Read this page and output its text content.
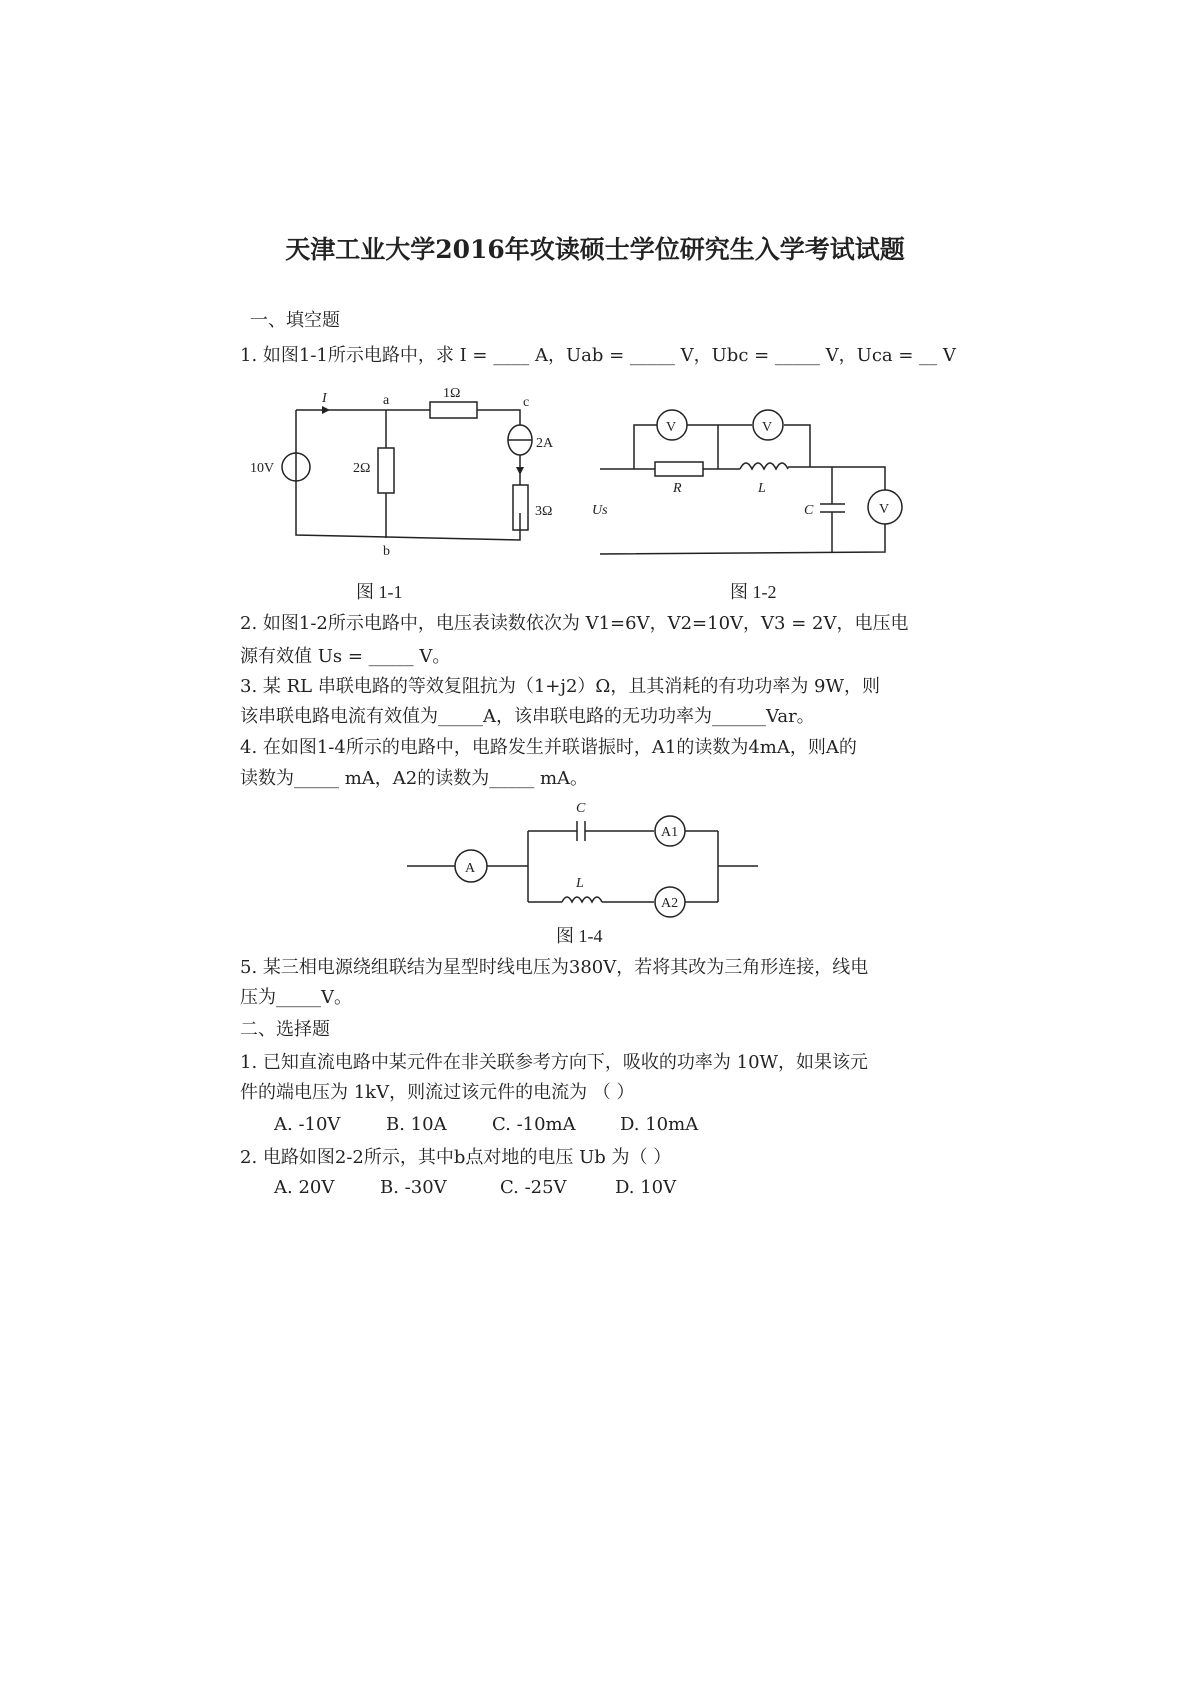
天津工业大学2016年攻读硕士学位研究生入学考试试题
一、填空题
1. 如图1-1所示电路中，求 I = ____ A，Uab = _____ V，Ubc = _____ V，Uca = __ V
I	a
b
c
1Ω
2Ω
3Ω
10V
2A
图 1-1
V	V
V
R	L
C
Us
图 1-2
A
A1
A2
C
L
图 1-4
2. 如图1-2所示电路中，电压表读数依次为 V1=6V，V2=10V，V3 = 2V，电压电
源有效值 Us = _____ V。
3. 某 RL 串联电路的等效复阻抗为（1+j2）Ω，且其消耗的有功功率为 9W，则
该串联电路电流有效值为_____A，该串联电路的无功功率为______Var。
4. 在如图1-4所示的电路中，电路发生并联谐振时，A1的读数为4mA，则A的
读数为_____ mA，A2的读数为_____ mA。
5. 某三相电源绕组联结为星型时线电压为380V，若将其改为三角形连接，线电
压为_____V。
二、选择题
1. 已知直流电路中某元件在非关联参考方向下，吸收的功率为 10W，如果该元
件的端电压为 1kV，则流过该元件的电流为 （ ）
A. -10V	B. 10A	C. -10mA D. 10mA
2. 电路如图2-2所示，其中b点对地的电压 Ub 为（ ）
A. 20V	B. -30V	C. -25V	D. 10V
